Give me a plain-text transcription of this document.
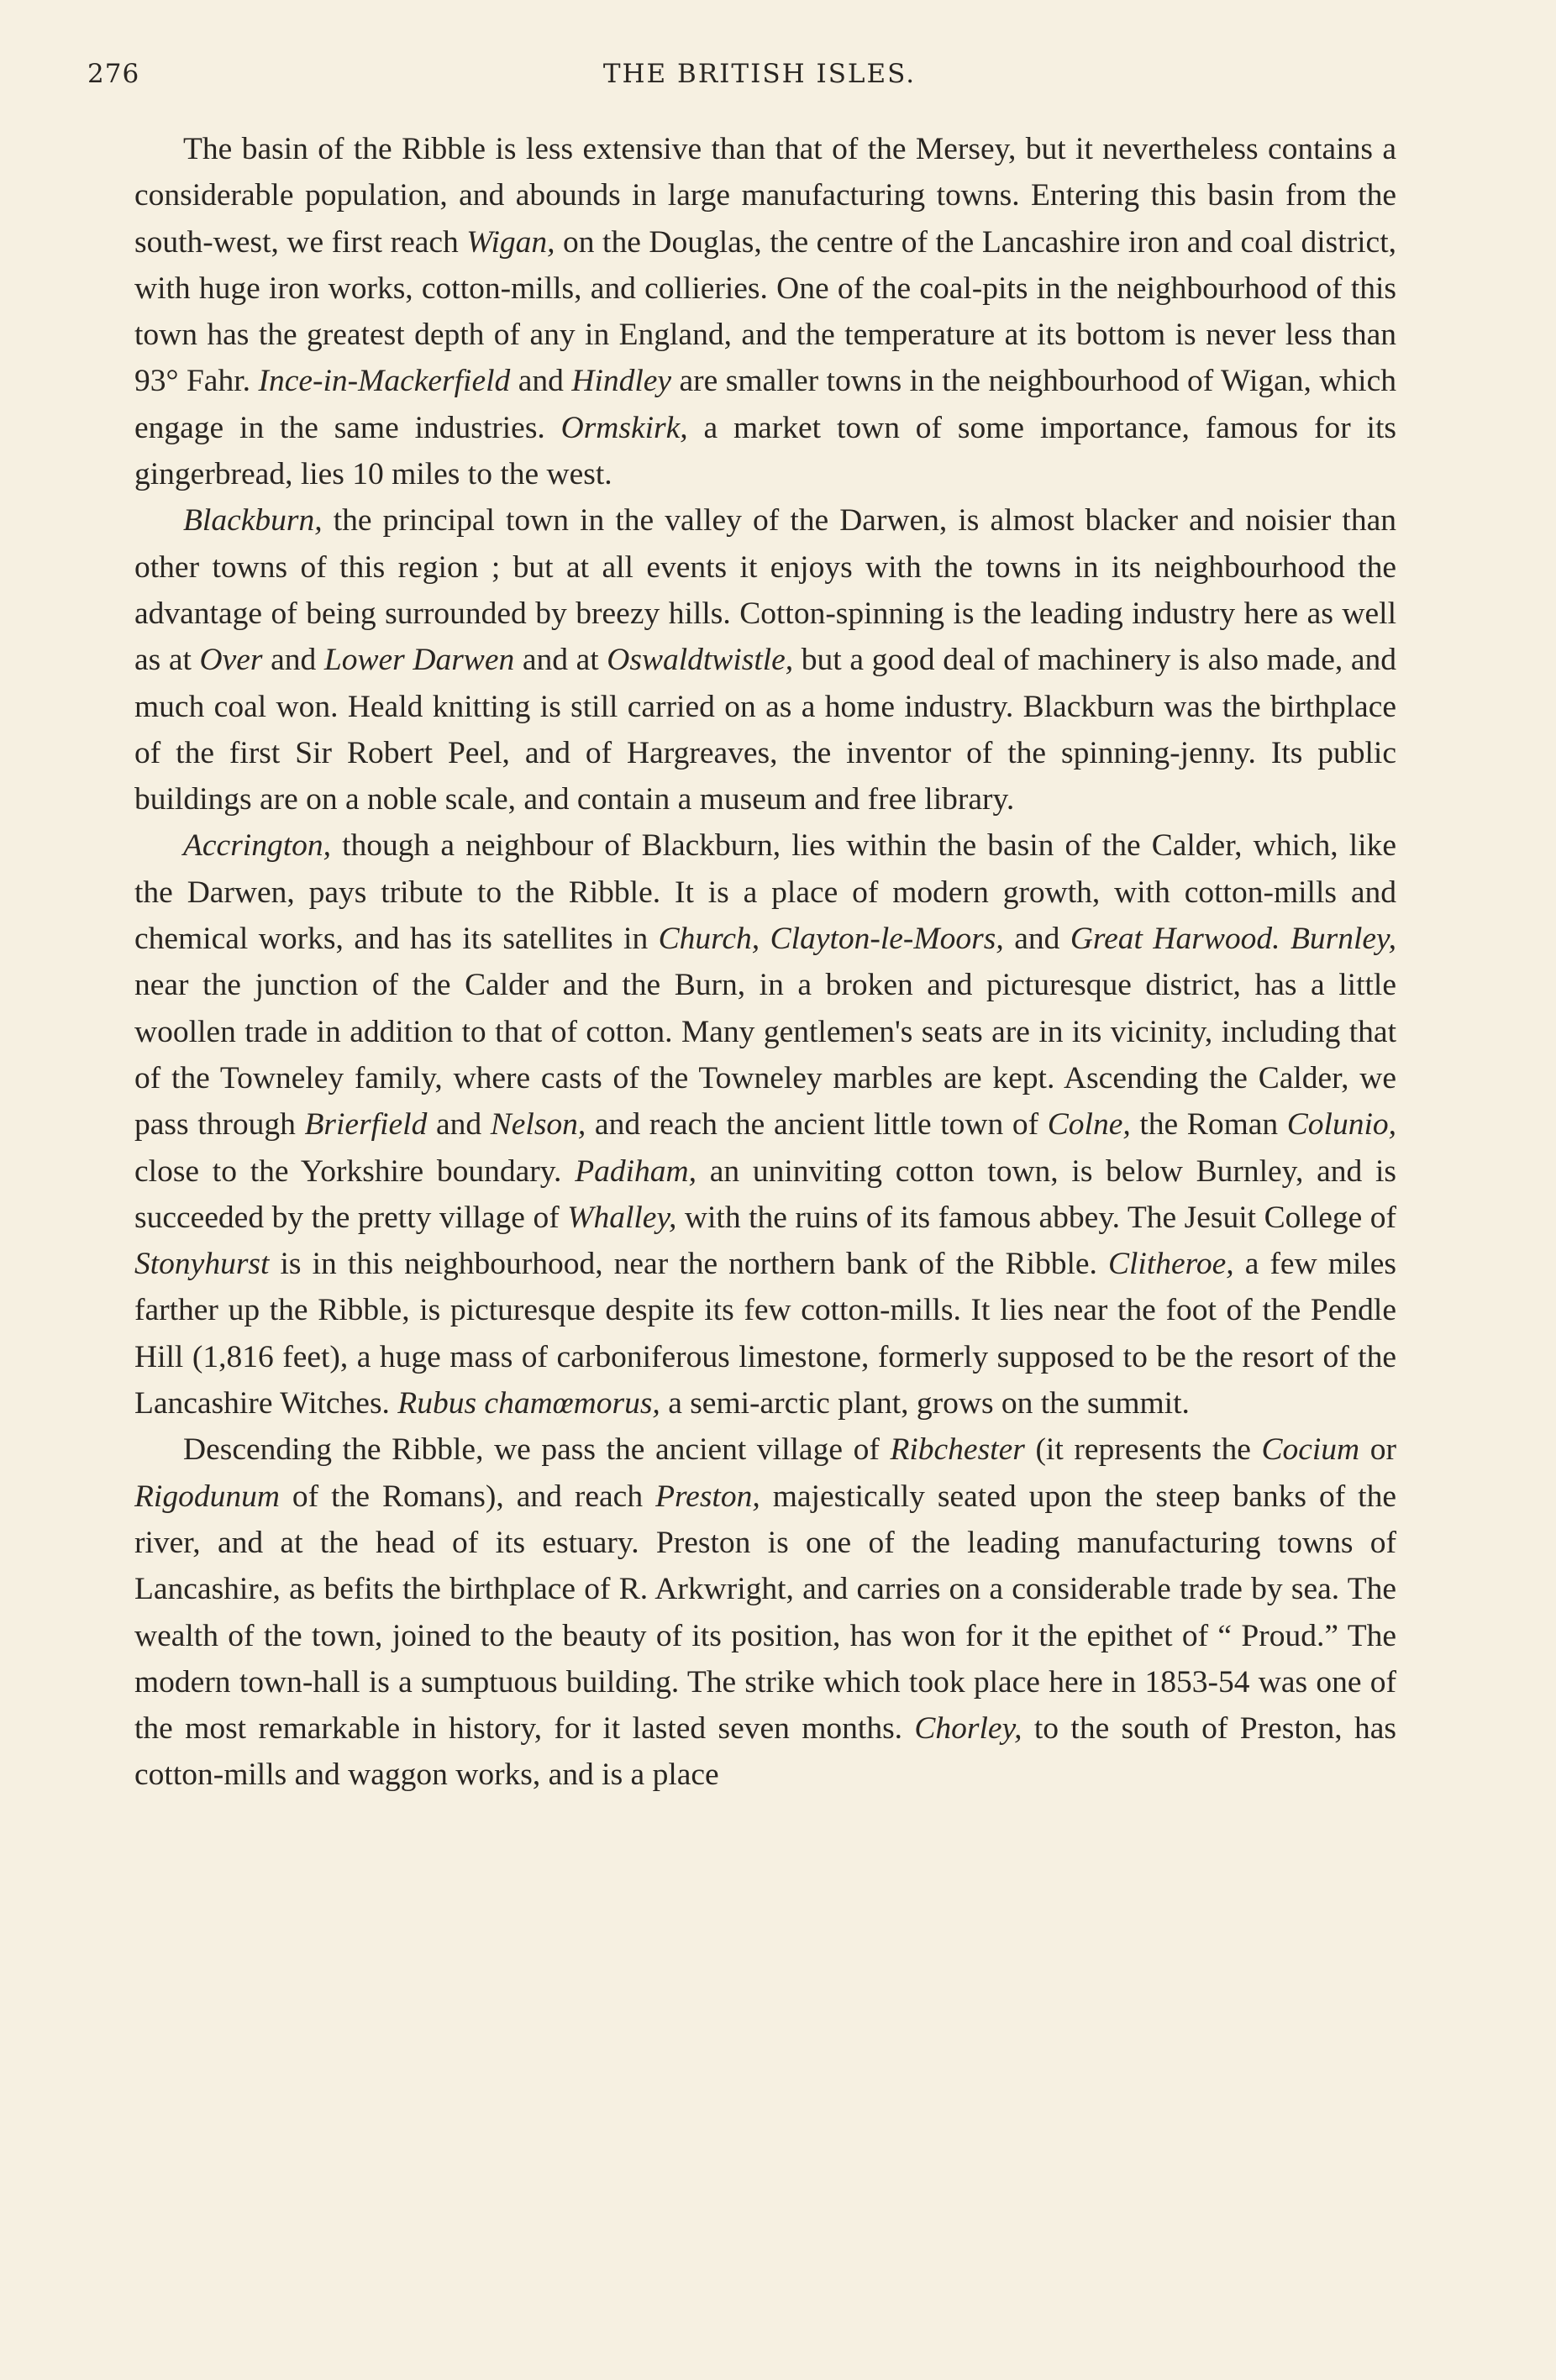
276	THE BRITISH ISLES.

The basin of the Ribble is less extensive than that of the Mersey, but it nevertheless contains a considerable population, and abounds in large manufacturing towns. Entering this basin from the south-west, we first reach Wigan, on the Douglas, the centre of the Lancashire iron and coal district, with huge iron works, cotton-mills, and collieries. One of the coal-pits in the neighbourhood of this town has the greatest depth of any in England, and the temperature at its bottom is never less than 93° Fahr. Ince-in-Mackerfield and Hindley are smaller towns in the neighbourhood of Wigan, which engage in the same industries. Ormskirk, a market town of some importance, famous for its gingerbread, lies 10 miles to the west.

Blackburn, the principal town in the valley of the Darwen, is almost blacker and noisier than other towns of this region ; but at all events it enjoys with the towns in its neighbourhood the advantage of being surrounded by breezy hills. Cotton-spinning is the leading industry here as well as at Over and Lower Darwen and at Oswaldtwistle, but a good deal of machinery is also made, and much coal won. Heald knitting is still carried on as a home industry. Blackburn was the birthplace of the first Sir Robert Peel, and of Hargreaves, the inventor of the spinning-jenny. Its public buildings are on a noble scale, and contain a museum and free library.

Accrington, though a neighbour of Blackburn, lies within the basin of the Calder, which, like the Darwen, pays tribute to the Ribble. It is a place of modern growth, with cotton-mills and chemical works, and has its satellites in Church, Clayton-le-Moors, and Great Harwood. Burnley, near the junction of the Calder and the Burn, in a broken and picturesque district, has a little woollen trade in addition to that of cotton. Many gentlemen's seats are in its vicinity, including that of the Towneley family, where casts of the Towneley marbles are kept. Ascending the Calder, we pass through Brierfield and Nelson, and reach the ancient little town of Colne, the Roman Colunio, close to the Yorkshire boundary. Padiham, an uninviting cotton town, is below Burnley, and is succeeded by the pretty village of Whalley, with the ruins of its famous abbey. The Jesuit College of Stonyhurst is in this neighbourhood, near the northern bank of the Ribble. Clitheroe, a few miles farther up the Ribble, is picturesque despite its few cotton-mills. It lies near the foot of the Pendle Hill (1,816 feet), a huge mass of carboniferous limestone, formerly supposed to be the resort of the Lancashire Witches. Rubus chamœmorus, a semi-arctic plant, grows on the summit.

Descending the Ribble, we pass the ancient village of Ribchester (it represents the Cocium or Rigodunum of the Romans), and reach Preston, majestically seated upon the steep banks of the river, and at the head of its estuary. Preston is one of the leading manufacturing towns of Lancashire, as befits the birthplace of R. Arkwright, and carries on a considerable trade by sea. The wealth of the town, joined to the beauty of its position, has won for it the epithet of “ Proud.” The modern town-hall is a sumptuous building. The strike which took place here in 1853-54 was one of the most remarkable in history, for it lasted seven months. Chorley, to the south of Preston, has cotton-mills and waggon works, and is a place
